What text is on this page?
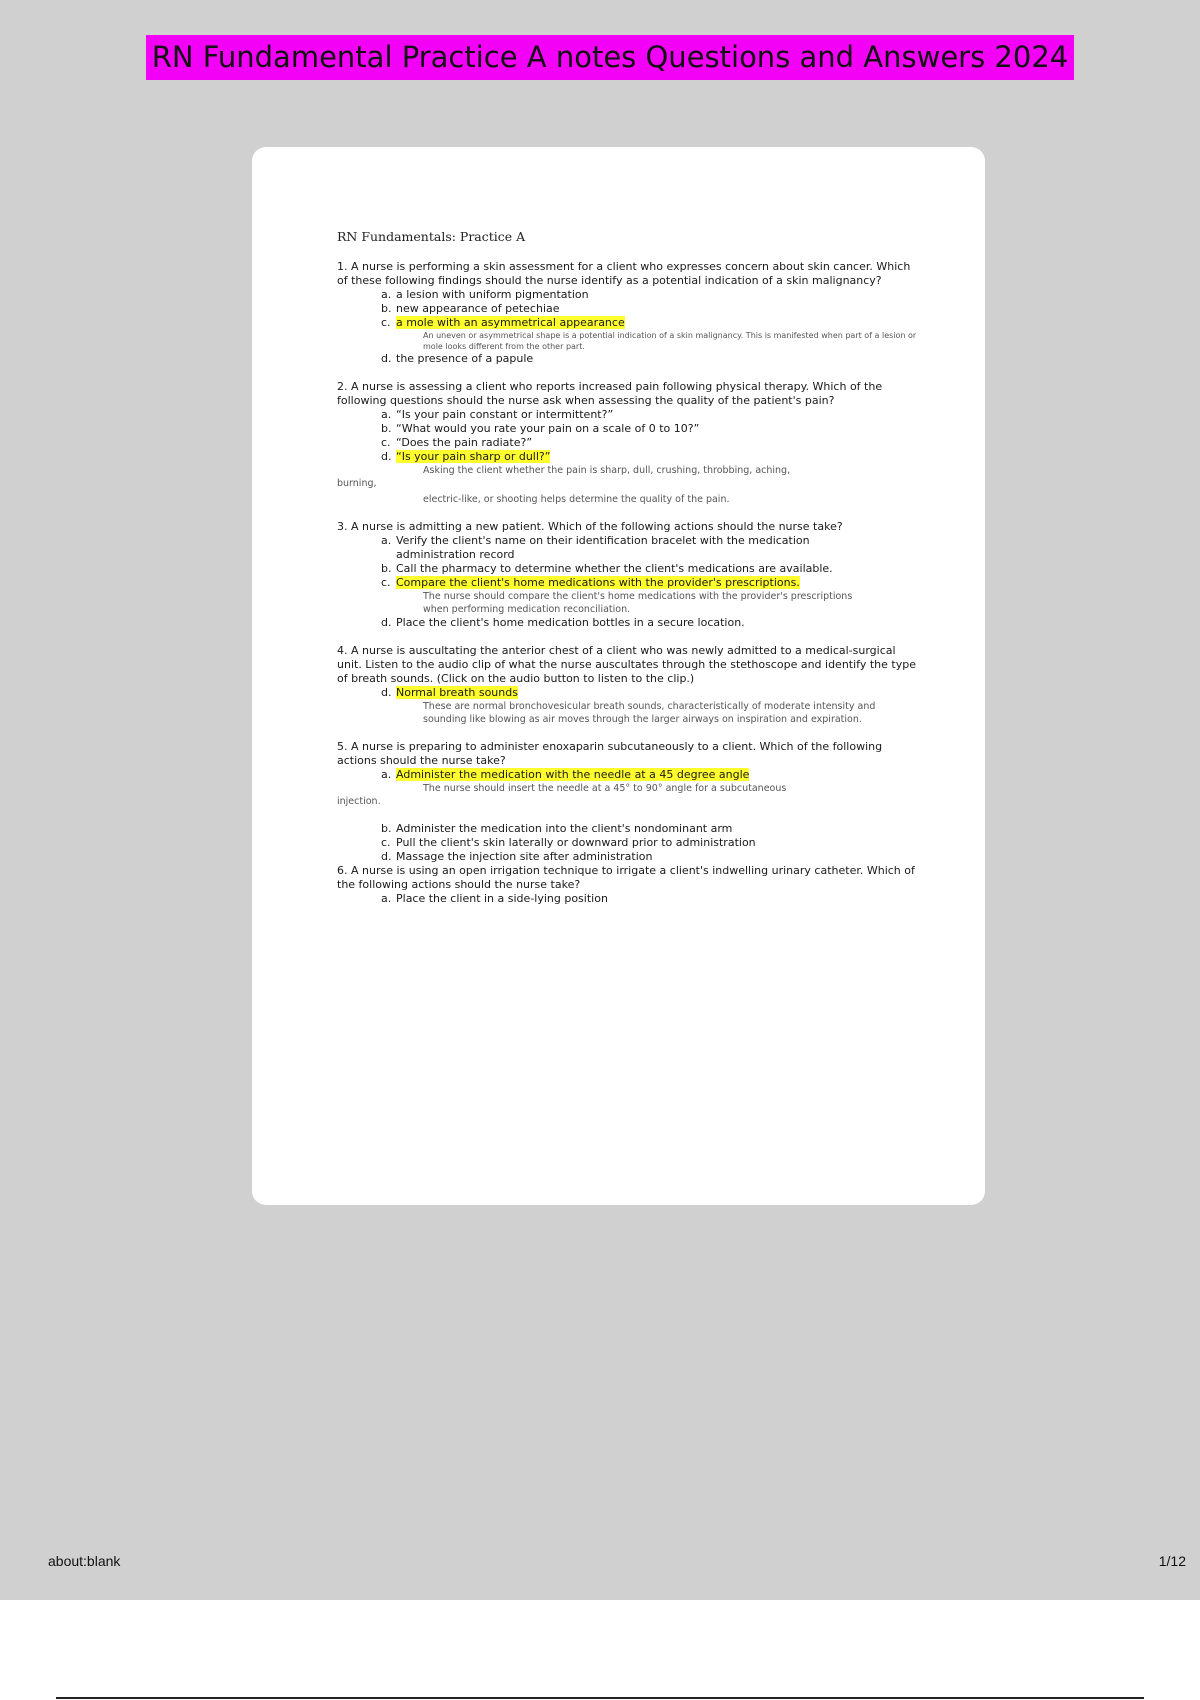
RN Fundamental Practice A notes Questions and Answers 2024
RN Fundamentals: Practice A

1. A nurse is performing a skin assessment for a client who expresses concern about skin cancer. Which of these following findings should the nurse identify as a potential indication of a skin malignancy?

a. a lesion with uniform pigmentation
b. new appearance of petechiae
c. a mole with an asymmetrical appearance
An uneven or asymmetrical shape is a potential indication of a skin malignancy. This is manifested when part of a lesion or mole looks different from the other part.
d. the presence of a papule

2. A nurse is assessing a client who reports increased pain following physical therapy. Which of the following questions should the nurse ask when assessing the quality of the patient's pain?

a. “Is your pain constant or intermittent?”
b. “What would you rate your pain on a scale of 0 to 10?”
c. “Does the pain radiate?”
d. “Is your pain sharp or dull?”
Asking the client whether the pain is sharp, dull, crushing, throbbing, aching,
burning,
electric-like, or shooting helps determine the quality of the pain.

3. A nurse is admitting a new patient. Which of the following actions should the nurse take?

a. Verify the client's name on their identification bracelet with the medication administration record
b. Call the pharmacy to determine whether the client's medications are available.
c. Compare the client's home medications with the provider's prescriptions.
The nurse should compare the client's home medications with the provider's prescriptions when performing medication reconciliation.
d. Place the client's home medication bottles in a secure location.

4. A nurse is auscultating the anterior chest of a client who was newly admitted to a medical-surgical unit. Listen to the audio clip of what the nurse auscultates through the stethoscope and identify the type of breath sounds. (Click on the audio button to listen to the clip.)

d. Normal breath sounds
These are normal bronchovesicular breath sounds, characteristically of moderate intensity and sounding like blowing as air moves through the larger airways on inspiration and expiration.

5. A nurse is preparing to administer enoxaparin subcutaneously to a client. Which of the following actions should the nurse take?

a. Administer the medication with the needle at a 45 degree angle
The nurse should insert the needle at a 45° to 90° angle for a subcutaneous
injection.
b. Administer the medication into the client's nondominant arm
c. Pull the client's skin laterally or downward prior to administration
d. Massage the injection site after administration

6. A nurse is using an open irrigation technique to irrigate a client's indwelling urinary catheter. Which of the following actions should the nurse take?

a. Place the client in a side-lying position
about:blank	1/12
